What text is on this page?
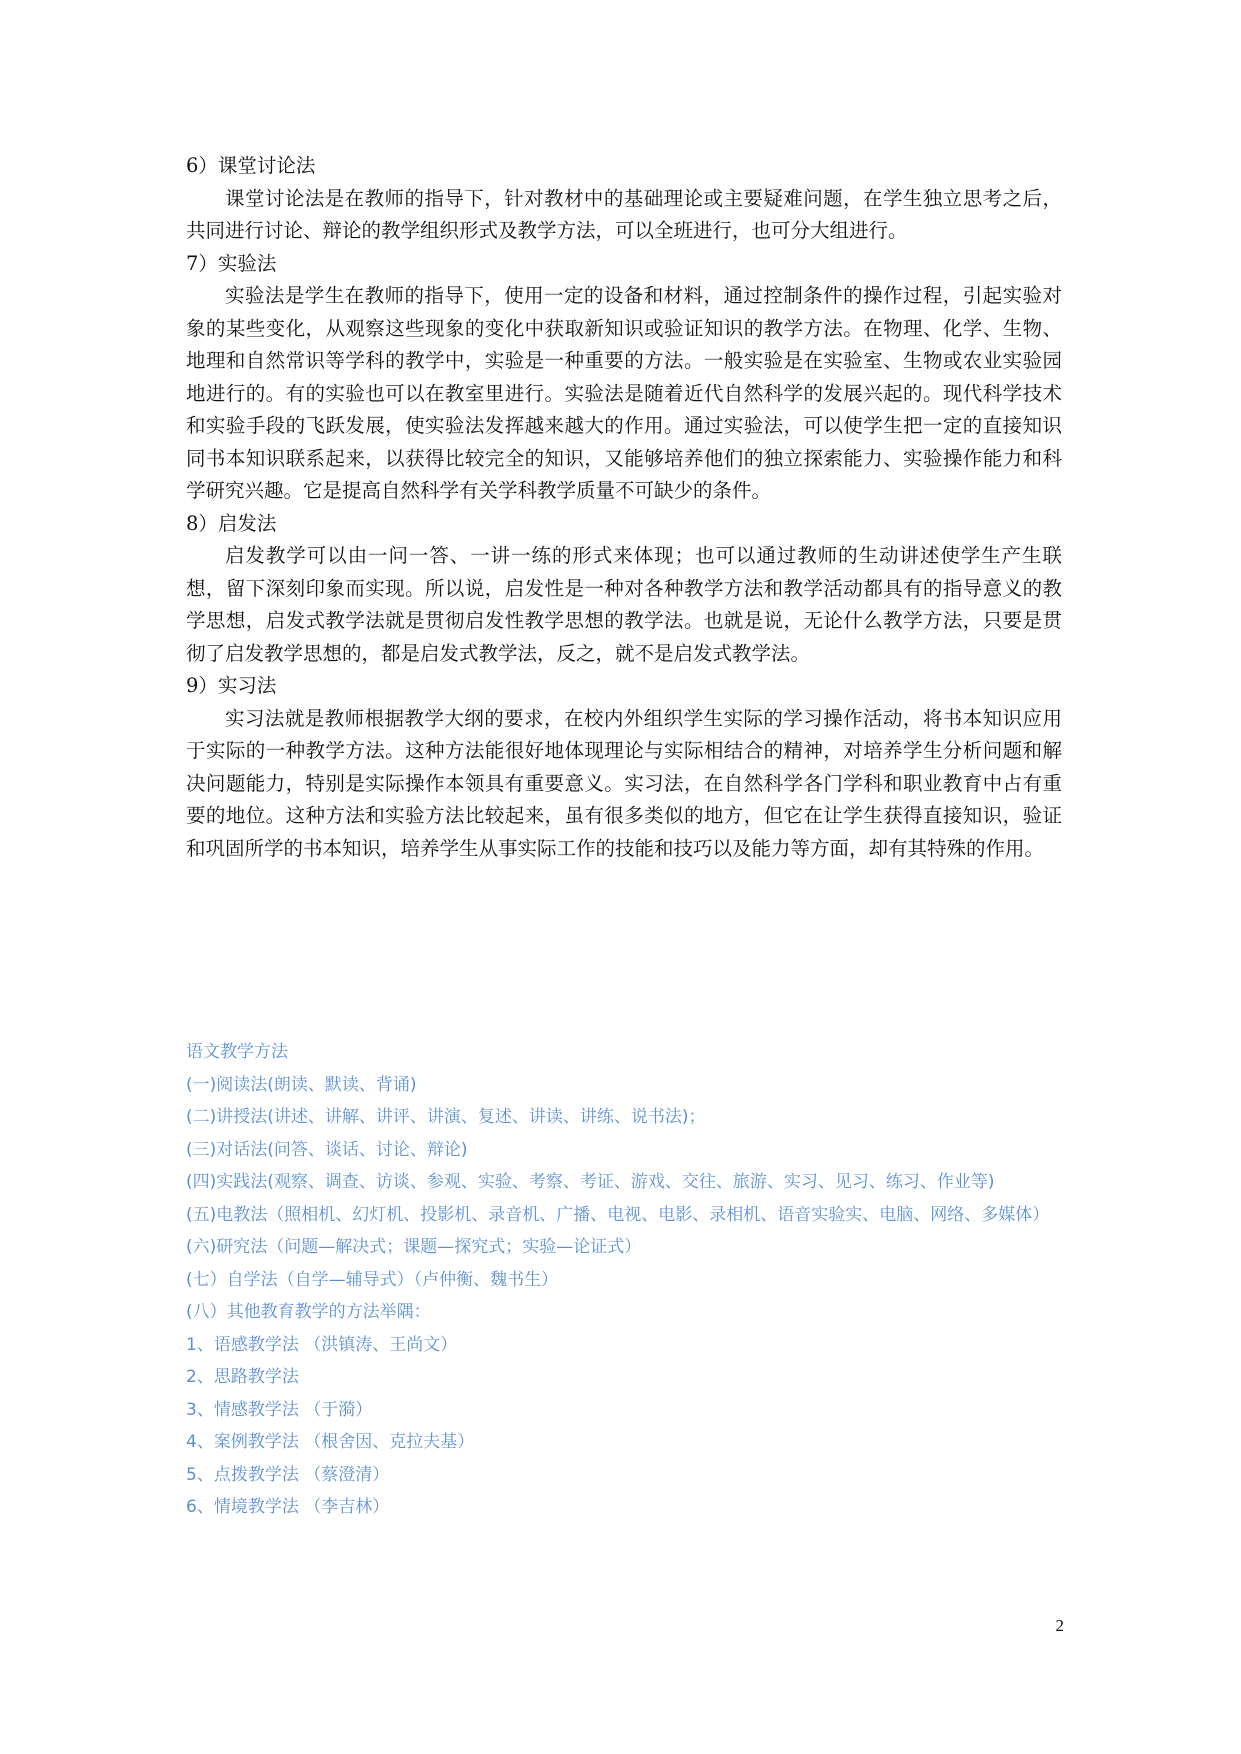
6）课堂讨论法

课堂讨论法是在教师的指导下，针对教材中的基础理论或主要疑难问题，在学生独立思考之后，共同进行讨论、辩论的教学组织形式及教学方法，可以全班进行，也可分大组进行。

7）实验法

实验法是学生在教师的指导下，使用一定的设备和材料，通过控制条件的操作过程，引起实验对象的某些变化，从观察这些现象的变化中获取新知识或验证知识的教学方法。在物理、化学、生物、地理和自然常识等学科的教学中，实验是一种重要的方法。一般实验是在实验室、生物或农业实验园地进行的。有的实验也可以在教室里进行。实验法是随着近代自然科学的发展兴起的。现代科学技术和实验手段的飞跃发展，使实验法发挥越来越大的作用。通过实验法，可以使学生把一定的直接知识同书本知识联系起来，以获得比较完全的知识，又能够培养他们的独立探索能力、实验操作能力和科学研究兴趣。它是提高自然科学有关学科教学质量不可缺少的条件。

8）启发法

启发教学可以由一问一答、一讲一练的形式来体现；也可以通过教师的生动讲述使学生产生联想，留下深刻印象而实现。所以说，启发性是一种对各种教学方法和教学活动都具有的指导意义的教学思想，启发式教学法就是贯彻启发性教学思想的教学法。也就是说，无论什么教学方法，只要是贯彻了启发教学思想的，都是启发式教学法，反之，就不是启发式教学法。

9）实习法

实习法就是教师根据教学大纲的要求，在校内外组织学生实际的学习操作活动，将书本知识应用于实际的一种教学方法。这种方法能很好地体现理论与实际相结合的精神，对培养学生分析问题和解决问题能力，特别是实际操作本领具有重要意义。实习法，在自然科学各门学科和职业教育中占有重要的地位。这种方法和实验方法比较起来，虽有很多类似的地方，但它在让学生获得直接知识，验证和巩固所学的书本知识，培养学生从事实际工作的技能和技巧以及能力等方面，却有其特殊的作用。

语文教学方法

(一)阅读法(朗读、默读、背诵)

(二)讲授法(讲述、讲解、讲评、讲演、复述、讲读、讲练、说书法)；

(三)对话法(问答、谈话、讨论、辩论)

(四)实践法(观察、调查、访谈、参观、实验、考察、考证、游戏、交往、旅游、实习、见习、练习、作业等)

(五)电教法（照相机、幻灯机、投影机、录音机、广播、电视、电影、录相机、语音实验实、电脑、网络、多媒体）

(六)研究法（问题—解决式；课题—探究式；实验—论证式）

(七）自学法（自学—辅导式）（卢仲衡、魏书生）

(八）其他教育教学的方法举隅：

1、语感教学法 （洪镇涛、王尚文）

2、思路教学法

3、情感教学法 （于漪）

4、案例教学法 （根舍因、克拉夫基）

5、点拨教学法 （蔡澄清）

6、情境教学法 （李吉林）

2
